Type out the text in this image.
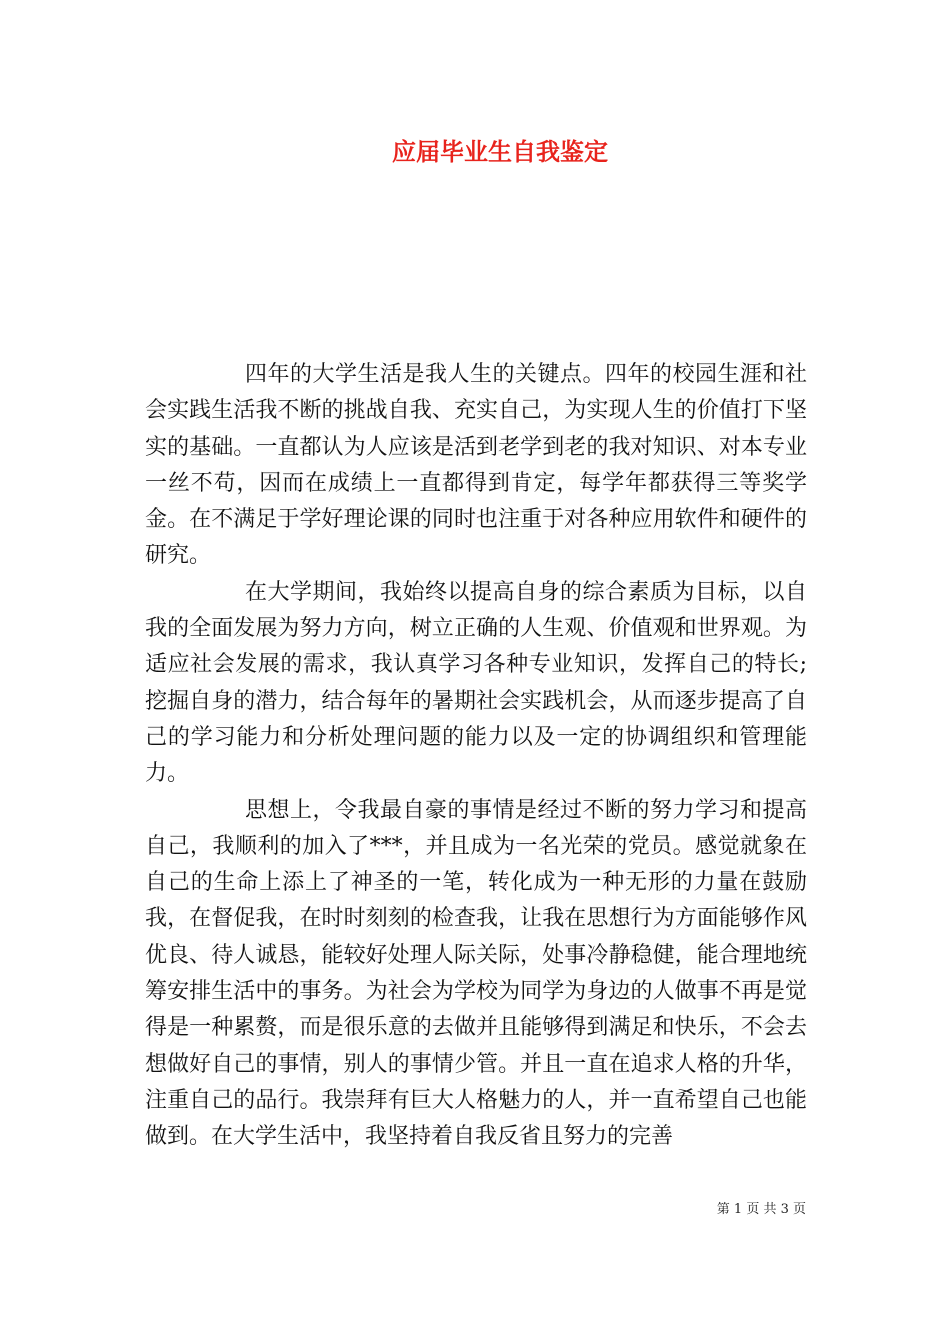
应届毕业生自我鉴定

四年的大学生活是我人生的关键点。四年的校园生涯和社会实践生活我不断的挑战自我、充实自己，为实现人生的价值打下坚实的基础。一直都认为人应该是活到老学到老的我对知识、对本专业一丝不苟，因而在成绩上一直都得到肯定，每学年都获得三等奖学金。在不满足于学好理论课的同时也注重于对各种应用软件和硬件的研究。

在大学期间，我始终以提高自身的综合素质为目标，以自我的全面发展为努力方向，树立正确的人生观、价值观和世界观。为适应社会发展的需求，我认真学习各种专业知识，发挥自己的特长;挖掘自身的潜力，结合每年的暑期社会实践机会，从而逐步提高了自己的学习能力和分析处理问题的能力以及一定的协调组织和管理能力。

思想上，令我最自豪的事情是经过不断的努力学习和提高自己，我顺利的加入了***，并且成为一名光荣的党员。感觉就象在自己的生命上添上了神圣的一笔，转化成为一种无形的力量在鼓励我，在督促我，在时时刻刻的检查我，让我在思想行为方面能够作风优良、待人诚恳，能较好处理人际关际，处事冷静稳健，能合理地统筹安排生活中的事务。为社会为学校为同学为身边的人做事不再是觉得是一种累赘，而是很乐意的去做并且能够得到满足和快乐，不会去想做好自己的事情，别人的事情少管。并且一直在追求人格的升华，注重自己的品行。我崇拜有巨大人格魅力的人，并一直希望自己也能做到。在大学生活中，我坚持着自我反省且努力的完善

第 1 页 共 3 页
